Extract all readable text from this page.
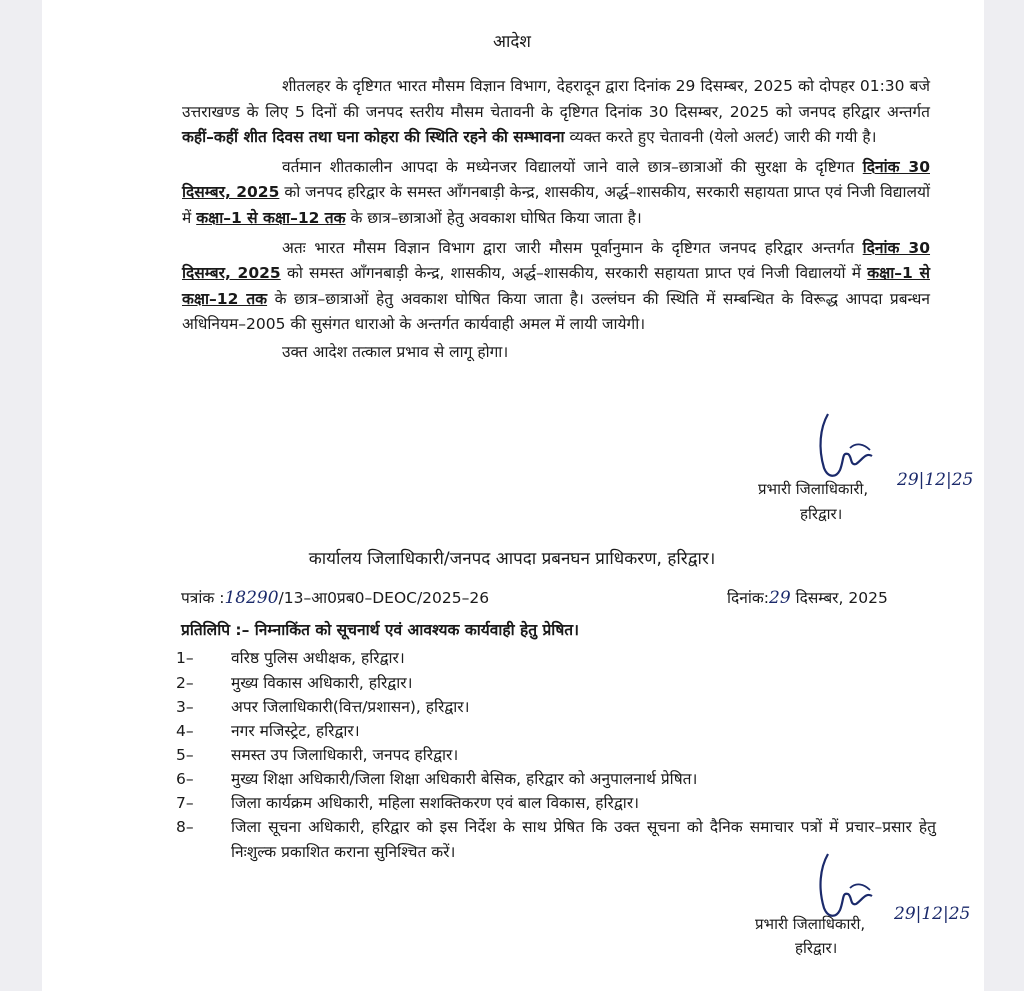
आदेश

शीतलहर के दृष्टिगत भारत मौसम विज्ञान विभाग, देहरादून द्वारा दिनांक 29 दिसम्बर, 2025 को दोपहर 01:30 बजे उत्तराखण्ड के लिए 5 दिनों की जनपद स्तरीय मौसम चेतावनी के दृष्टिगत दिनांक 30 दिसम्बर, 2025 को जनपद हरिद्वार अन्तर्गत कहीं–कहीं शीत दिवस तथा घना कोहरा की स्थिति रहने की सम्भावना व्यक्त करते हुए चेतावनी (येलो अलर्ट) जारी की गयी है।

वर्तमान शीतकालीन आपदा के मध्येनजर विद्यालयों जाने वाले छात्र–छात्राओं की सुरक्षा के दृष्टिगत दिनांक 30 दिसम्बर, 2025 को जनपद हरिद्वार के समस्त आँगनबाड़ी केन्द्र, शासकीय, अर्द्ध–शासकीय, सरकारी सहायता प्राप्त एवं निजी विद्यालयों में कक्षा–1 से कक्षा–12 तक के छात्र–छात्राओं हेतु अवकाश घोषित किया जाता है।

अतः भारत मौसम विज्ञान विभाग द्वारा जारी मौसम पूर्वानुमान के दृष्टिगत जनपद हरिद्वार अन्तर्गत दिनांक 30 दिसम्बर, 2025 को समस्त आँगनबाड़ी केन्द्र, शासकीय, अर्द्ध–शासकीय, सरकारी सहायता प्राप्त एवं निजी विद्यालयों में कक्षा–1 से कक्षा–12 तक के छात्र–छात्राओं हेतु अवकाश घोषित किया जाता है। उल्लंघन की स्थिति में सम्बन्धित के विरूद्ध आपदा प्रबन्धन अधिनियम–2005 की सुसंगत धाराओ के अन्तर्गत कार्यवाही अमल में लायी जायेगी।

उक्त आदेश तत्काल प्रभाव से लागू होगा।

प्रभारी जिलाधिकारी, 29|12|25
हरिद्वार।
कार्यालय जिलाधिकारी/जनपद आपदा प्रबनघन प्राधिकरण, हरिद्वार।
पत्रांक :18290/13–आ0प्रब0–DEOC/2025–26	दिनांक:29 दिसम्बर, 2025
प्रतिलिपि :– निम्नाकिंत को सूचनार्थ एवं आवश्यक कार्यवाही हेतु प्रेषित।
1–	वरिष्ठ पुलिस अधीक्षक, हरिद्वार।
2–	मुख्य विकास अधिकारी, हरिद्वार।
3–	अपर जिलाधिकारी(वित्त/प्रशासन), हरिद्वार।
4–	नगर मजिस्ट्रेट, हरिद्वार।
5–	समस्त उप जिलाधिकारी, जनपद हरिद्वार।
6–	मुख्य शिक्षा अधिकारी/जिला शिक्षा अधिकारी बेसिक, हरिद्वार को अनुपालनार्थ प्रेषित।
7–	जिला कार्यक्रम अधिकारी, महिला सशक्तिकरण एवं बाल विकास, हरिद्वार।
8–	जिला सूचना अधिकारी, हरिद्वार को इस निर्देश के साथ प्रेषित कि उक्त सूचना को दैनिक समाचार पत्रों में प्रचार–प्रसार हेतु निःशुल्क प्रकाशित कराना सुनिश्चित करें।
प्रभारी जिलाधिकारी, 29|12|25
हरिद्वार।
